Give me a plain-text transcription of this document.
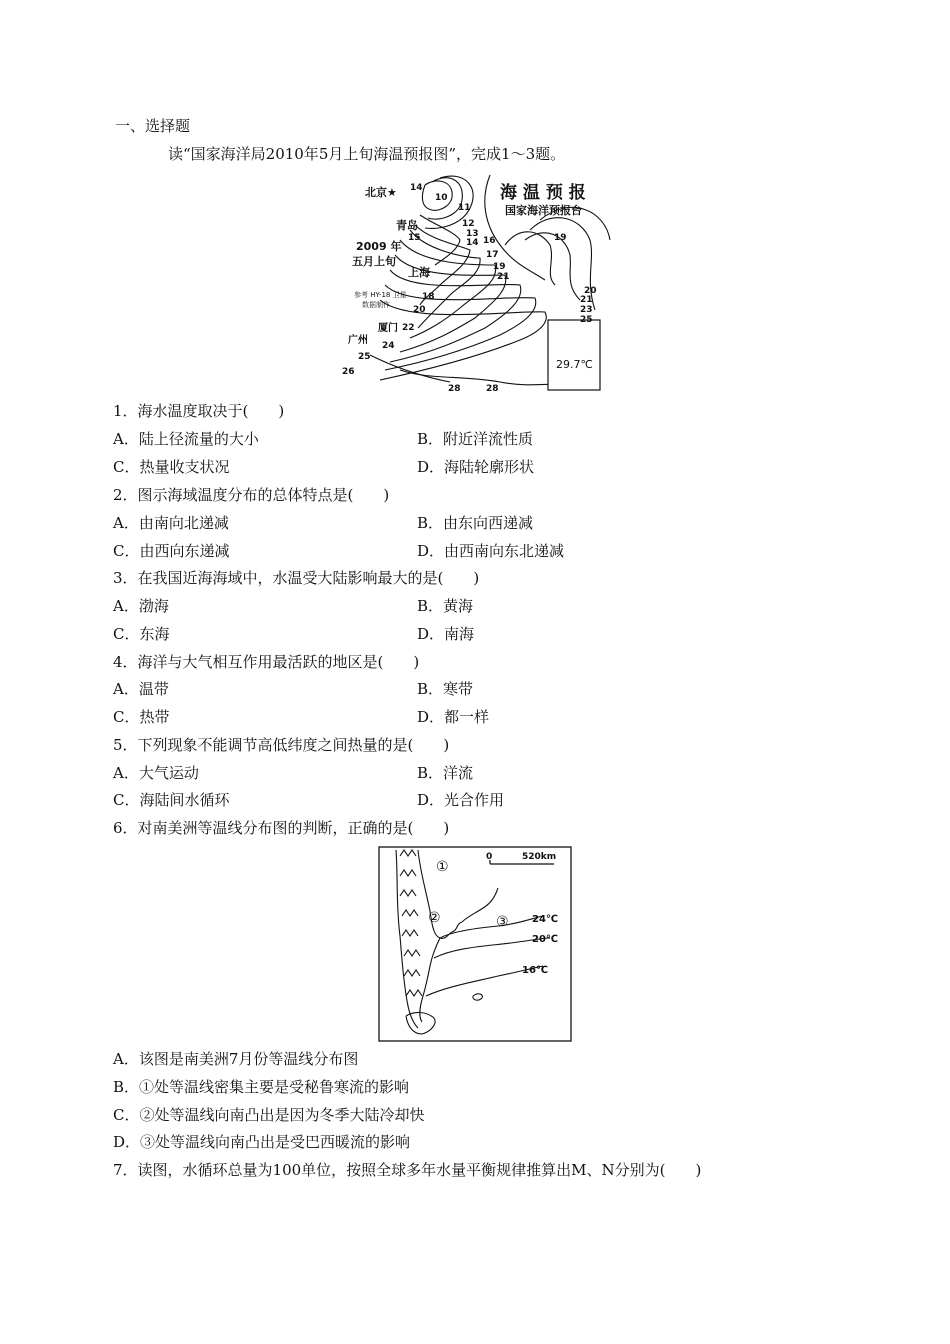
一、选择题
读“国家海洋局2010年5月上旬海温预报图”，完成1～3题。
29.7℃
海 温 预 报
国家海洋预报台
2009 年
五月上旬
参考 HY-18 卫星
数据制作
北京★
青岛
上海
厦门
广州
14
10
11
12
13
14
15	16
17
19
21
18
20
22
24
25
26
28	28
19
20
21
23
25
1．海水温度取决于(　　)
A．陆上径流量的大小	B．附近洋流性质
C．热量收支状况	D．海陆轮廓形状
2．图示海域温度分布的总体特点是(　　)
A．由南向北递减	B．由东向西递减
C．由西向东递减	D．由西南向东北递减
3．在我国近海海域中，水温受大陆影响最大的是(　　)
A．渤海	B．黄海
C．东海	D．南海
4．海洋与大气相互作用最活跃的地区是(　　)
A．温带	B．寒带
C．热带	D．都一样
5．下列现象不能调节高低纬度之间热量的是(　　)
A．大气运动	B．洋流
C．海陆间水循环	D．光合作用
6．对南美洲等温线分布图的判断，正确的是(　　)
0	520km
①
②	③ 24℃
20℃
16℃
A．该图是南美洲7月份等温线分布图
B．①处等温线密集主要是受秘鲁寒流的影响
C．②处等温线向南凸出是因为冬季大陆冷却快
D．③处等温线向南凸出是受巴西暖流的影响
7．读图，水循环总量为100单位，按照全球多年水量平衡规律推算出M、N分别为(　　)
